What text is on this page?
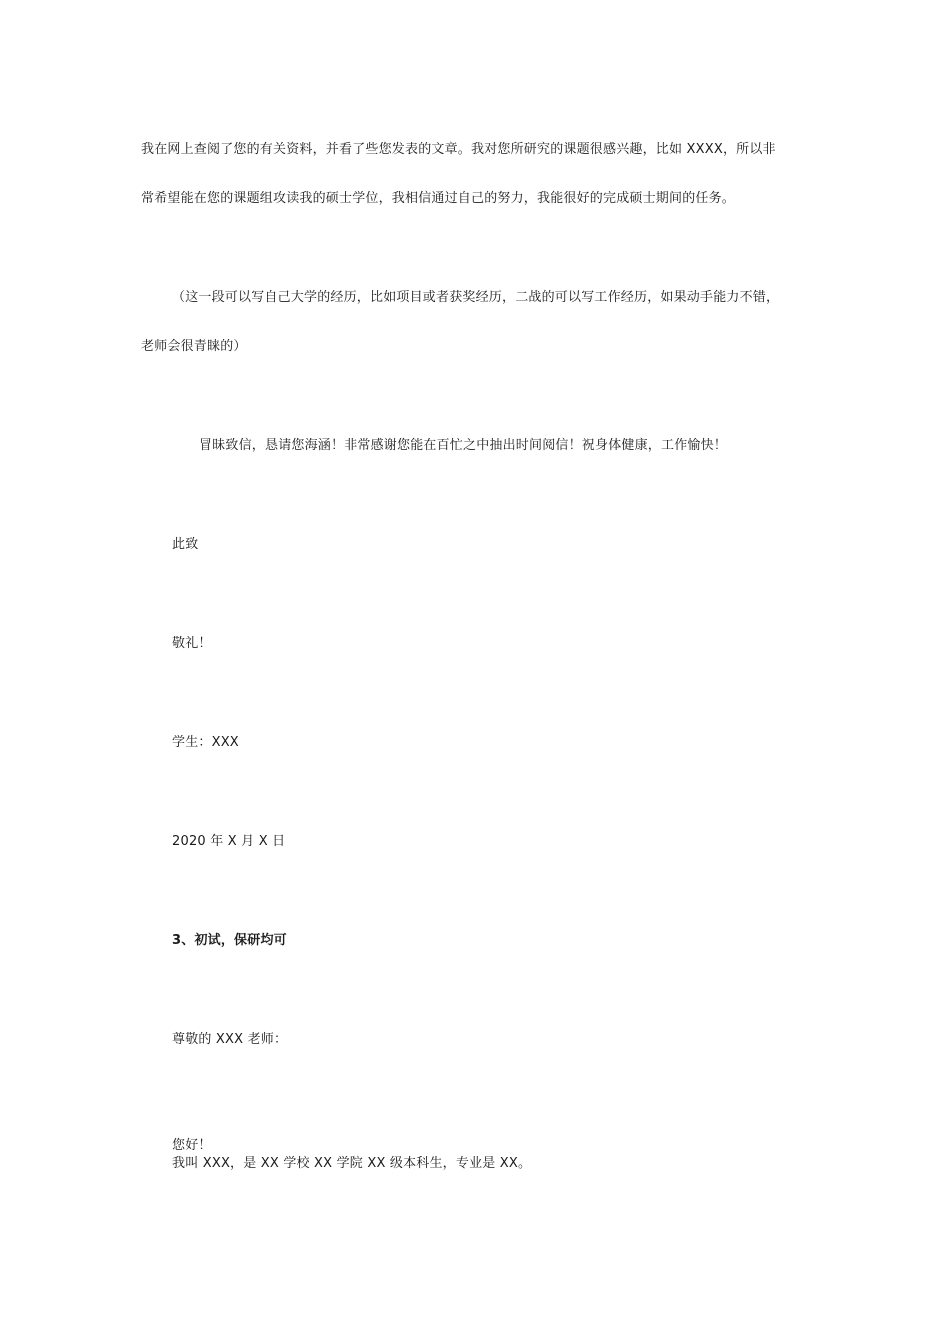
我在网上查阅了您的有关资料，并看了些您发表的文章。我对您所研究的课题很感兴趣，比如 XXXX，所以非
常希望能在您的课题组攻读我的硕士学位，我相信通过自己的努力，我能很好的完成硕士期间的任务。
（这一段可以写自己大学的经历，比如项目或者获奖经历，二战的可以写工作经历，如果动手能力不错，
老师会很青睐的）
冒昧致信，恳请您海涵！非常感谢您能在百忙之中抽出时间阅信！祝身体健康，工作愉快！
此致
敬礼！
学生：XXX
2020 年 X 月 X 日
3、初试，保研均可
尊敬的 XXX 老师：
您好！
我叫 XXX，是 XX 学校 XX 学院 XX 级本科生，专业是 XX。
